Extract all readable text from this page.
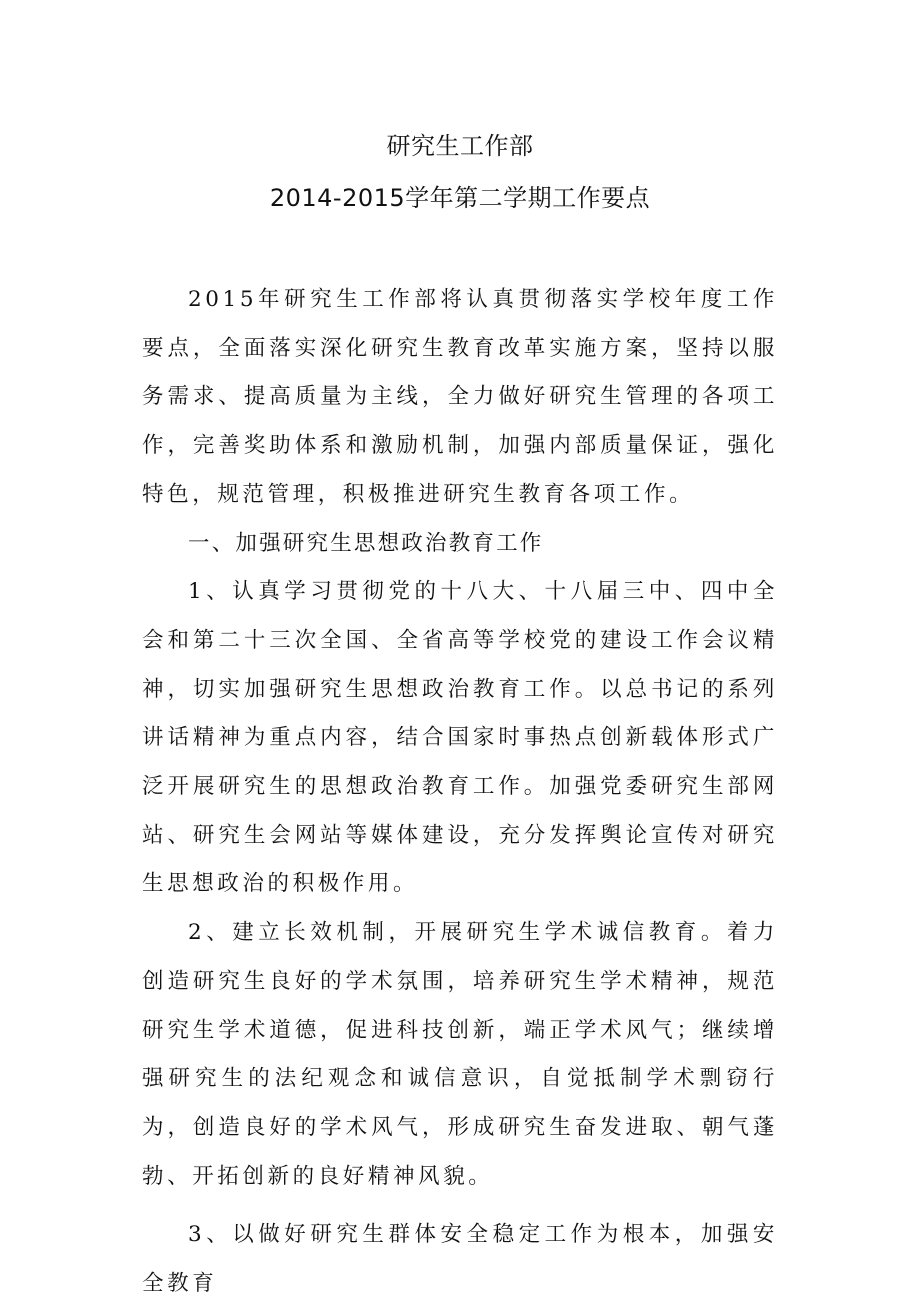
研究生工作部
2014-2015学年第二学期工作要点

2015年研究生工作部将认真贯彻落实学校年度工作要点，全面落实深化研究生教育改革实施方案，坚持以服务需求、提高质量为主线，全力做好研究生管理的各项工作，完善奖助体系和激励机制，加强内部质量保证，强化特色，规范管理，积极推进研究生教育各项工作。

一、加强研究生思想政治教育工作

1、认真学习贯彻党的十八大、十八届三中、四中全会和第二十三次全国、全省高等学校党的建设工作会议精神，切实加强研究生思想政治教育工作。以总书记的系列讲话精神为重点内容，结合国家时事热点创新载体形式广泛开展研究生的思想政治教育工作。加强党委研究生部网站、研究生会网站等媒体建设，充分发挥舆论宣传对研究生思想政治的积极作用。

2、建立长效机制，开展研究生学术诚信教育。着力创造研究生良好的学术氛围，培养研究生学术精神，规范研究生学术道德，促进科技创新，端正学术风气；继续增强研究生的法纪观念和诚信意识，自觉抵制学术剽窃行为，创造良好的学术风气，形成研究生奋发进取、朝气蓬勃、开拓创新的良好精神风貌。

3、以做好研究生群体安全稳定工作为根本，加强安全教育
